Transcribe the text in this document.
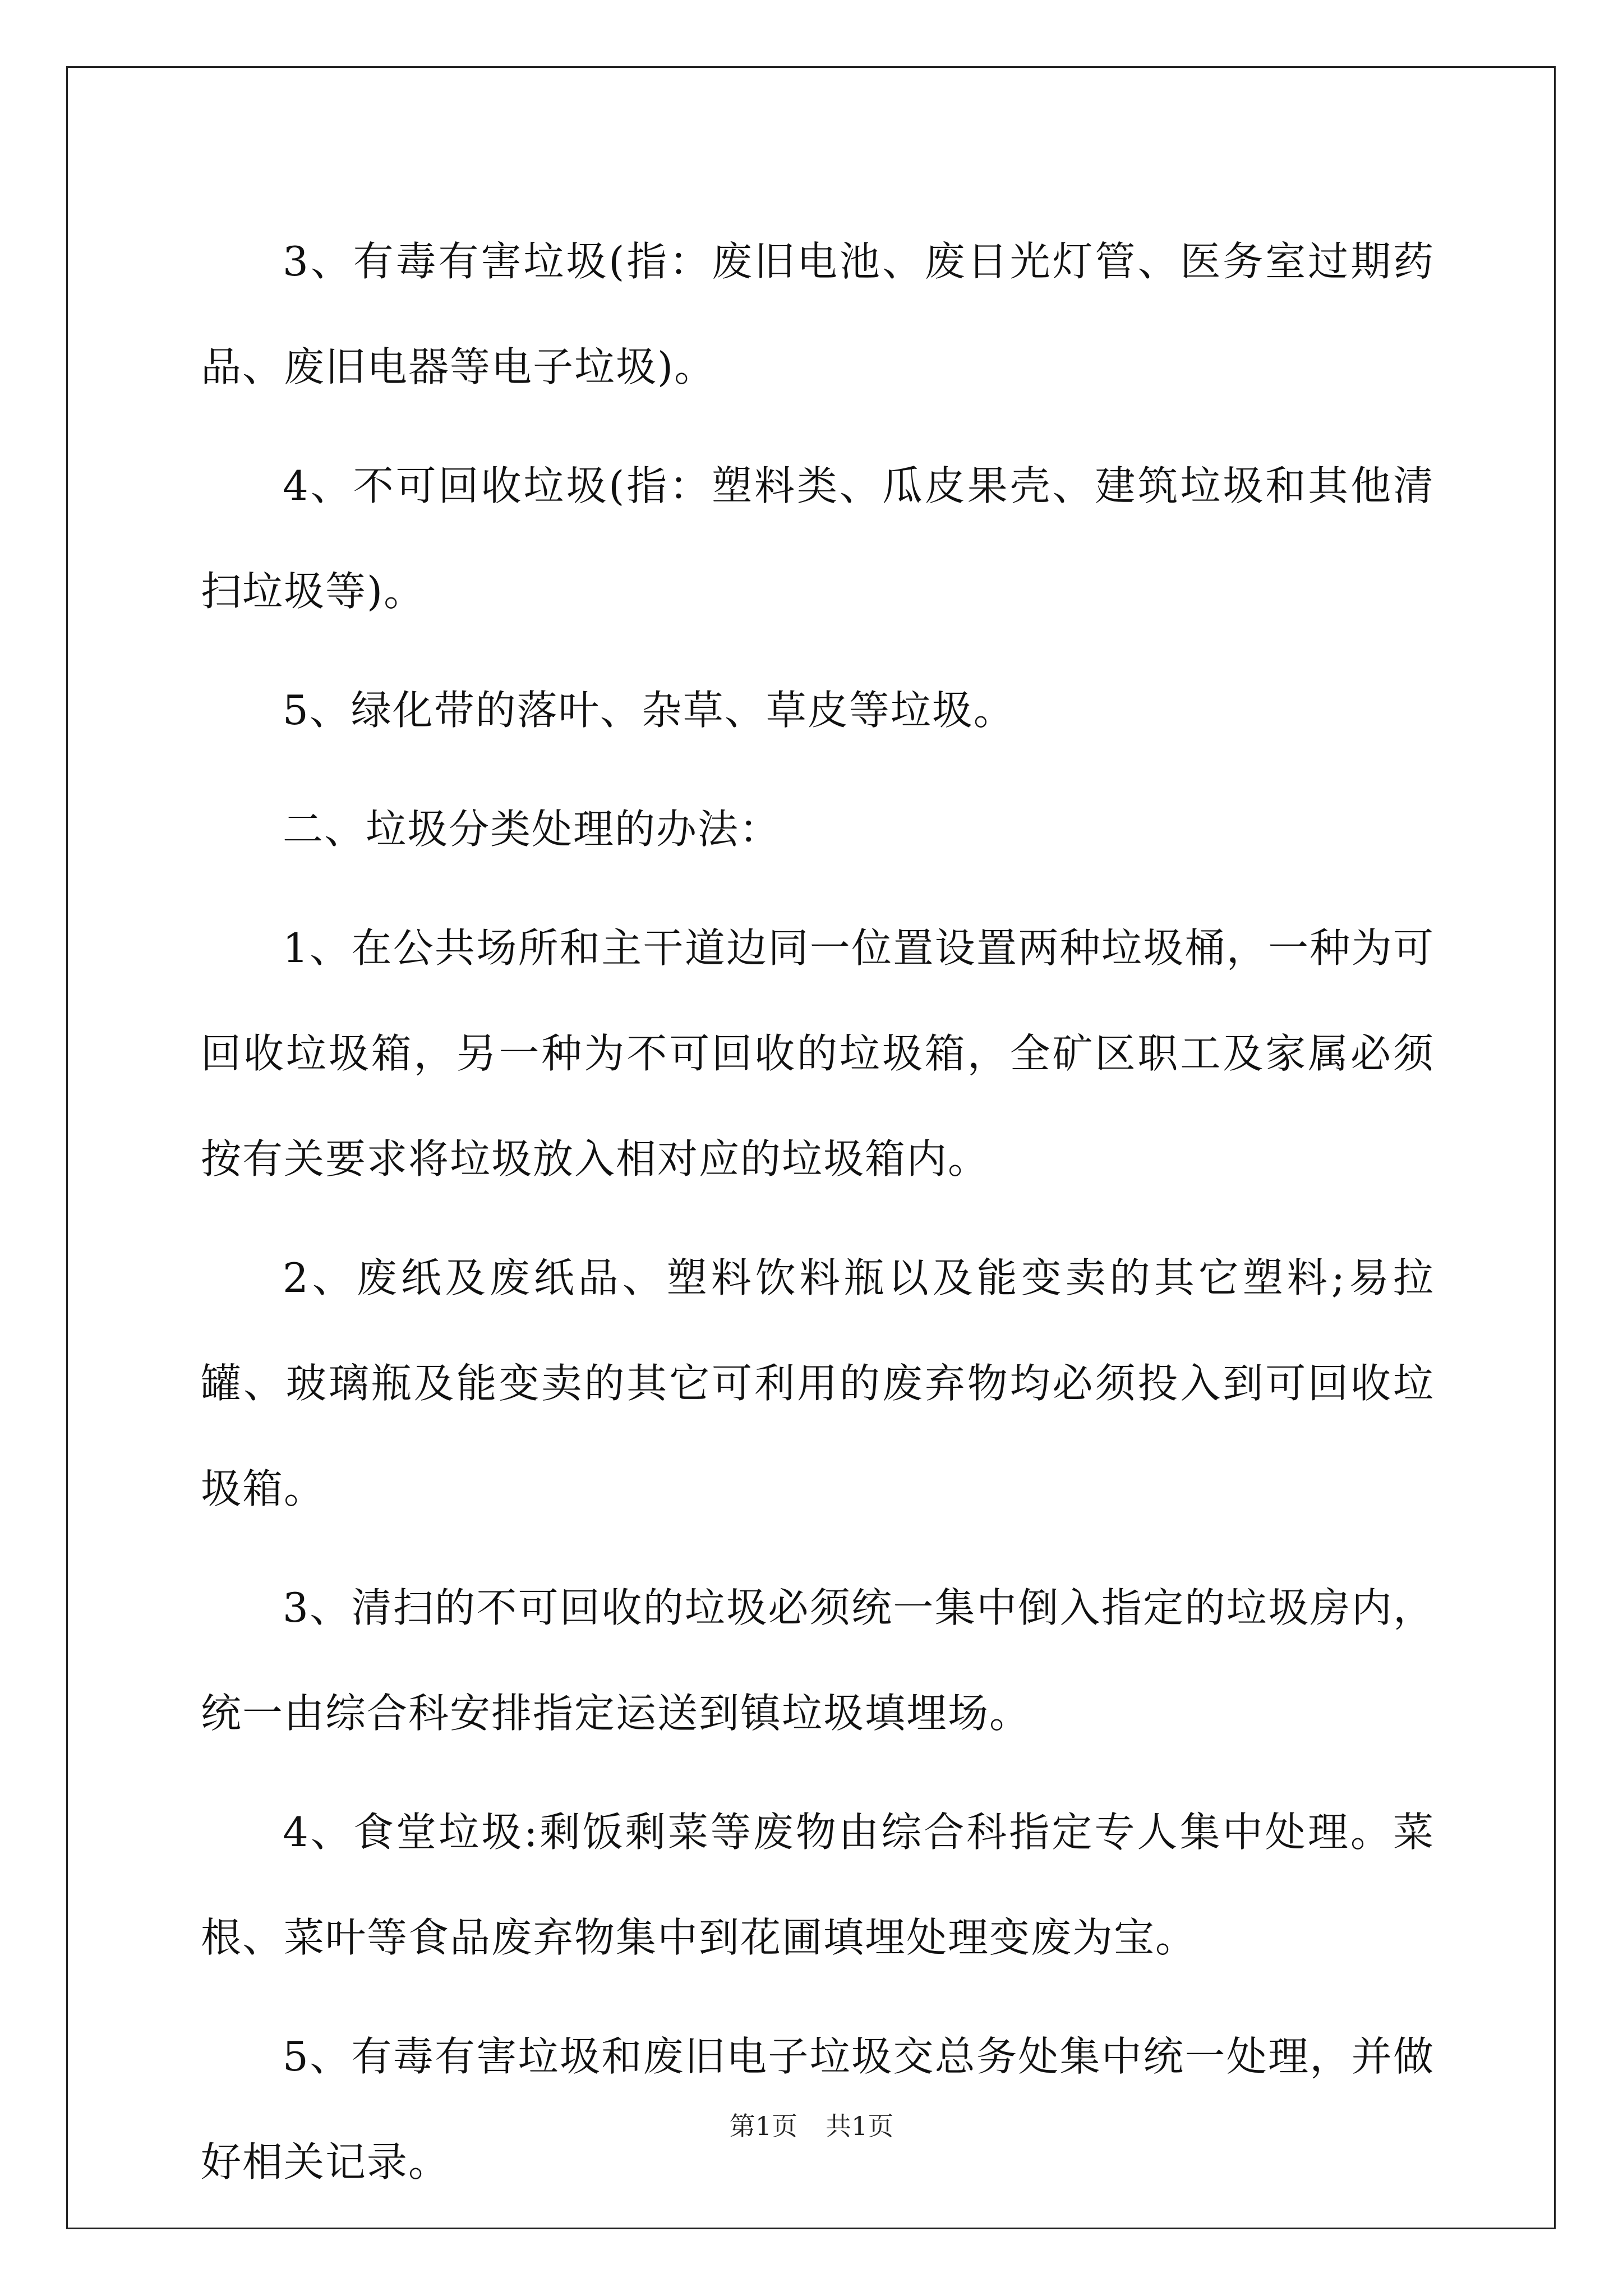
3、有毒有害垃圾(指：废旧电池、废日光灯管、医务室过期药品、废旧电器等电子垃圾)。

4、不可回收垃圾(指：塑料类、瓜皮果壳、建筑垃圾和其他清扫垃圾等)。

5、绿化带的落叶、杂草、草皮等垃圾。

二、垃圾分类处理的办法：

1、在公共场所和主干道边同一位置设置两种垃圾桶，一种为可回收垃圾箱，另一种为不可回收的垃圾箱，全矿区职工及家属必须按有关要求将垃圾放入相对应的垃圾箱内。

2、废纸及废纸品、塑料饮料瓶以及能变卖的其它塑料;易拉罐、玻璃瓶及能变卖的其它可利用的废弃物均必须投入到可回收垃圾箱。

3、清扫的不可回收的垃圾必须统一集中倒入指定的垃圾房内，统一由综合科安排指定运送到镇垃圾填埋场。

4、食堂垃圾:剩饭剩菜等废物由综合科指定专人集中处理。菜根、菜叶等食品废弃物集中到花圃填埋处理变废为宝。

5、有毒有害垃圾和废旧电子垃圾交总务处集中统一处理，并做好相关记录。

第1页 共1页
